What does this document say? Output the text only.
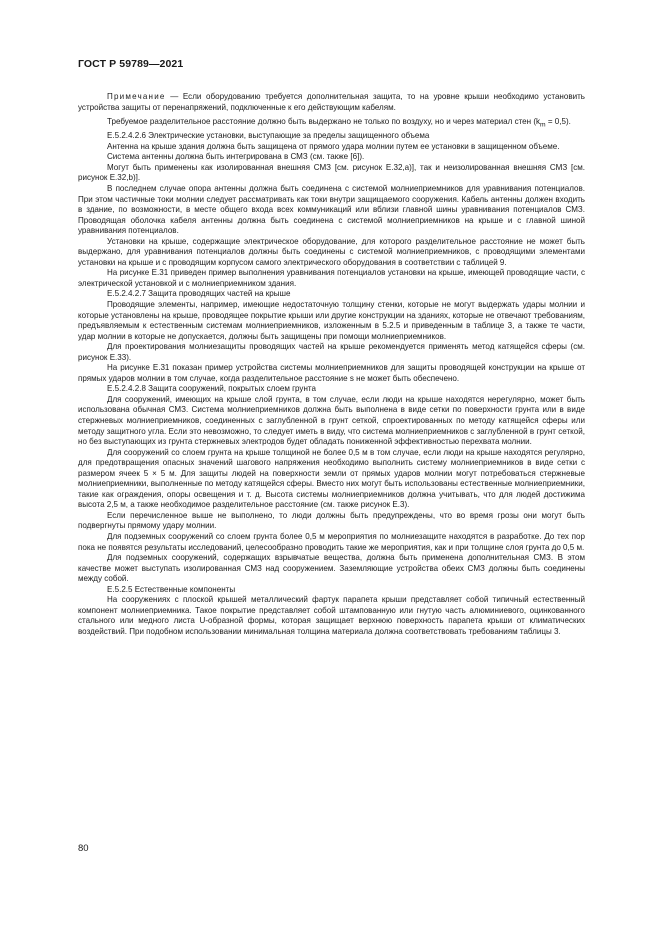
ГОСТ Р 59789—2021

Примечание — Если оборудованию требуется дополнительная защита, то на уровне крыши необходимо установить устройства защиты от перенапряжений, подключенные к его действующим кабелям.

Требуемое разделительное расстояние должно быть выдержано не только по воздуху, но и через материал стен $(k_m = 0,5)$.

Е.5.2.4.2.6 Электрические установки, выступающие за пределы защищенного объема

Антенна на крыше здания должна быть защищена от прямого удара молнии путем ее установки в защищенном объеме.

Система антенны должна быть интегрирована в СМЗ (см. также [6]).

Могут быть применены как изолированная внешняя СМЗ [см. рисунок Е.32,а)], так и неизолированная внешняя СМЗ [см. рисунок Е.32,b)].

В последнем случае опора антенны должна быть соединена с системой молниеприемников для уравнивания потенциалов. При этом частичные токи молнии следует рассматривать как токи внутри защищаемого сооружения. Кабель антенны должен входить в здание, по возможности, в месте общего входа всех коммуникаций или вблизи главной шины уравнивания потенциалов СМЗ. Проводящая оболочка кабеля антенны должна быть соединена с системой молниеприемников на крыше и с главной шиной уравнивания потенциалов.

Установки на крыше, содержащие электрическое оборудование, для которого разделительное расстояние не может быть выдержано, для уравнивания потенциалов должны быть соединены с системой молниеприемников, с проводящими элементами установки на крыше и с проводящим корпусом самого электрического оборудования в соответствии с таблицей 9.

На рисунке Е.31 приведен пример выполнения уравнивания потенциалов установки на крыше, имеющей проводящие части, с электрической установкой и с молниеприемником здания.

Е.5.2.4.2.7 Защита проводящих частей на крыше

Проводящие элементы, например, имеющие недостаточную толщину стенки, которые не могут выдержать удары молнии и которые установлены на крыше, проводящее покрытие крыши или другие конструкции на зданиях, которые не отвечают требованиям, предъявляемым к естественным системам молниеприемников, изложенным в 5.2.5 и приведенным в таблице 3, а также те части, удар молнии в которые не допускается, должны быть защищены при помощи молниеприемников.

Для проектирования молниезащиты проводящих частей на крыше рекомендуется применять метод катящейся сферы (см. рисунок Е.33).

На рисунке Е.31 показан пример устройства системы молниеприемников для защиты проводящей конструкции на крыше от прямых ударов молнии в том случае, когда разделительное расстояние s не может быть обеспечено.

Е.5.2.4.2.8 Защита сооружений, покрытых слоем грунта

Для сооружений, имеющих на крыше слой грунта, в том случае, если люди на крыше находятся нерегулярно, может быть использована обычная СМЗ. Система молниеприемников должна быть выполнена в виде сетки по поверхности грунта или в виде стержневых молниеприемников, соединенных с заглубленной в грунт сеткой, спроектированных по методу катящейся сферы или методу защитного угла. Если это невозможно, то следует иметь в виду, что система молниеприемников с заглубленной в грунт сеткой, но без выступающих из грунта стержневых электродов будет обладать пониженной эффективностью перехвата молнии.

Для сооружений со слоем грунта на крыше толщиной не более 0,5 м в том случае, если люди на крыше находятся регулярно, для предотвращения опасных значений шагового напряжения необходимо выполнить систему молниеприемников в виде сетки с размером ячеек 5 × 5 м. Для защиты людей на поверхности земли от прямых ударов молнии могут потребоваться стержневые молниеприемники, выполненные по методу катящейся сферы. Вместо них могут быть использованы естественные молниеприемники, такие как ограждения, опоры освещения и т. д. Высота системы молниеприемников должна учитывать, что для людей достижима высота 2,5 м, а также необходимое разделительное расстояние (см. также рисунок Е.3).

Если перечисленное выше не выполнено, то люди должны быть предупреждены, что во время грозы они могут быть подвергнуты прямому удару молнии.

Для подземных сооружений со слоем грунта более 0,5 м мероприятия по молниезащите находятся в разработке. До тех пор пока не появятся результаты исследований, целесообразно проводить такие же мероприятия, как и при толщине слоя грунта до 0,5 м.

Для подземных сооружений, содержащих взрывчатые вещества, должна быть применена дополнительная СМЗ. В этом качестве может выступать изолированная СМЗ над сооружением. Заземляющие устройства обеих СМЗ должны быть соединены между собой.

Е.5.2.5 Естественные компоненты

На сооружениях с плоской крышей металлический фартук парапета крыши представляет собой типичный естественный компонент молниеприемника. Такое покрытие представляет собой штампованную или гнутую часть алюминиевого, оцинкованного стального или медного листа U-образной формы, которая защищает верхнюю поверхность парапета крыши от климатических воздействий. При подобном использовании минимальная толщина материала должна соответствовать требованиям таблицы 3.

80
